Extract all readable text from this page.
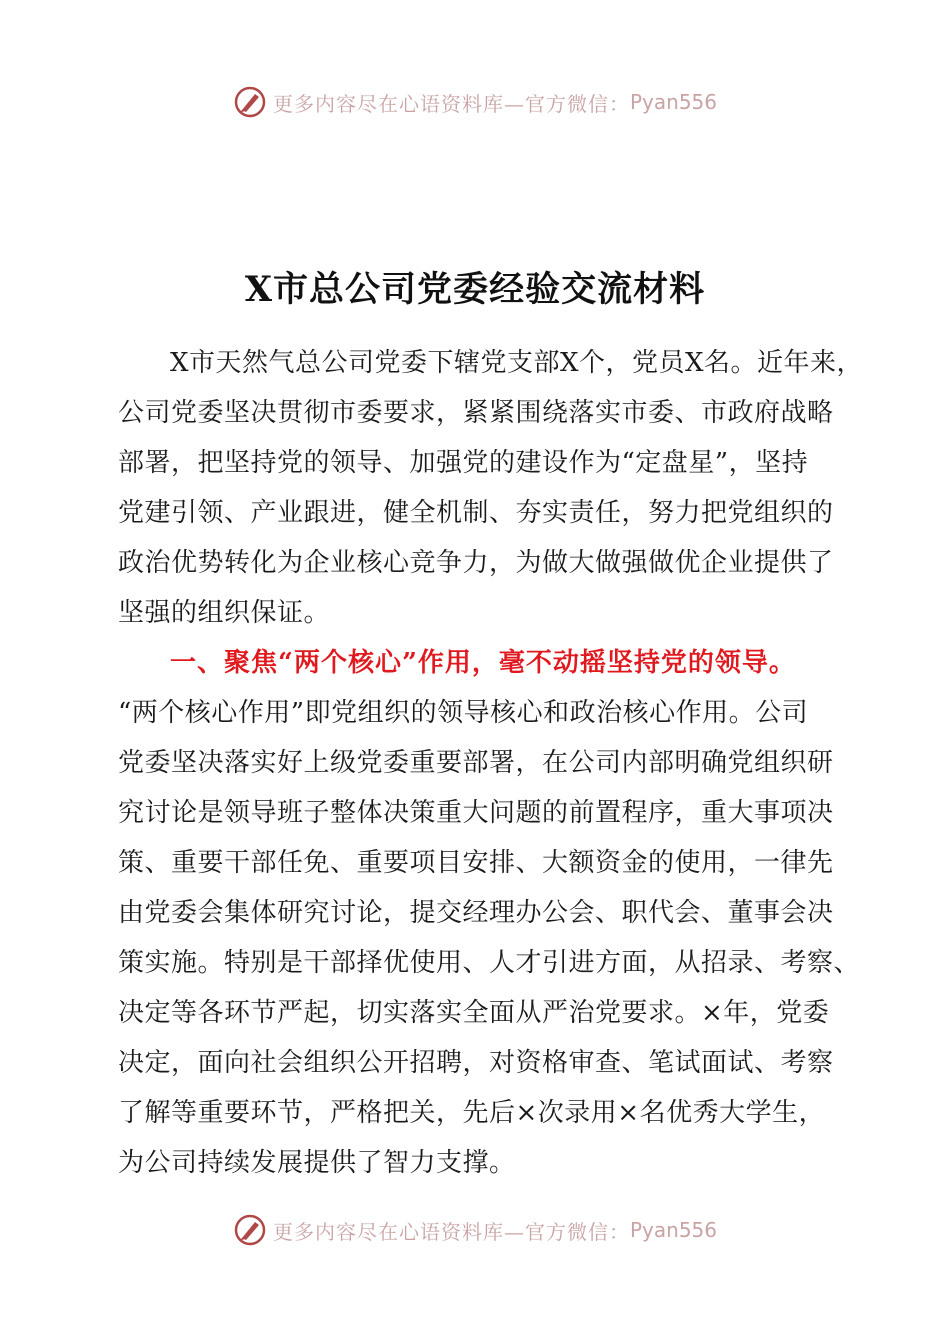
更多内容尽在心语资料库—官方微信： Pyan556
X市总公司党委经验交流材料
X市天然气总公司党委下辖党支部X个，党员X名。近年来，
公司党委坚决贯彻市委要求，紧紧围绕落实市委、市政府战略
部署，把坚持党的领导、加强党的建设作为“定盘星”，坚持
党建引领、产业跟进，健全机制、夯实责任，努力把党组织的
政治优势转化为企业核心竞争力，为做大做强做优企业提供了
坚强的组织保证。
一、聚焦“两个核心”作用，毫不动摇坚持党的领导。
“两个核心作用”即党组织的领导核心和政治核心作用。公司
党委坚决落实好上级党委重要部署，在公司内部明确党组织研
究讨论是领导班子整体决策重大问题的前置程序，重大事项决
策、重要干部任免、重要项目安排、大额资金的使用，一律先
由党委会集体研究讨论，提交经理办公会、职代会、董事会决
策实施。特别是干部择优使用、人才引进方面，从招录、考察、
决定等各环节严起，切实落实全面从严治党要求。×年，党委
决定，面向社会组织公开招聘，对资格审查、笔试面试、考察
了解等重要环节，严格把关，先后×次录用×名优秀大学生，
为公司持续发展提供了智力支撑。
更多内容尽在心语资料库—官方微信： Pyan556
